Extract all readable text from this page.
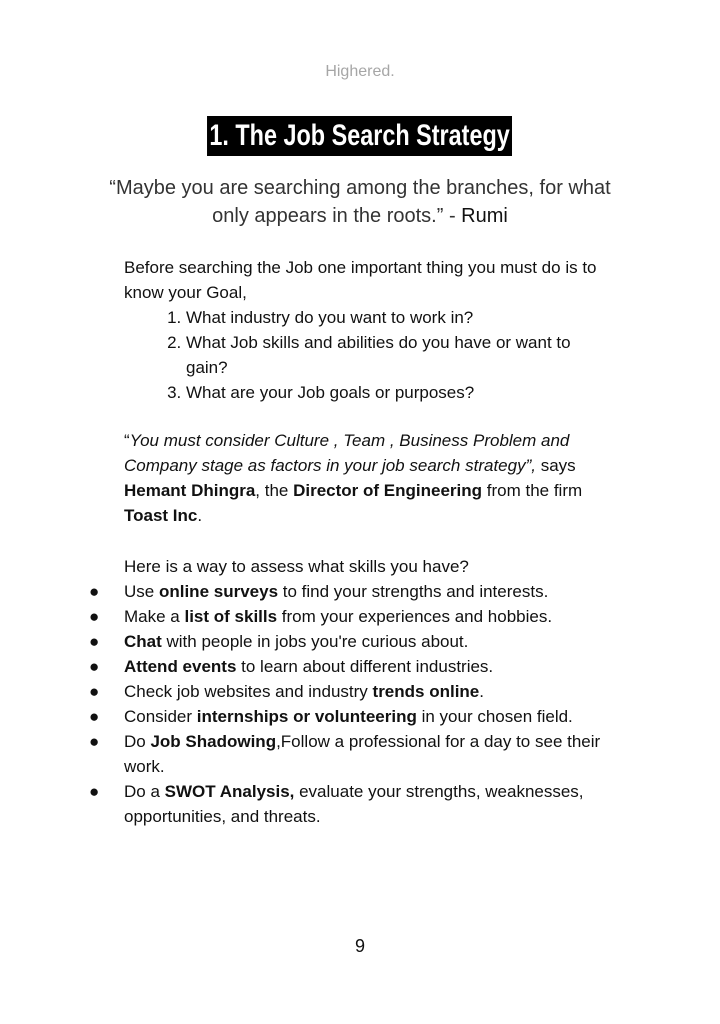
Highered.
1. The Job Search Strategy
“Maybe you are searching among the branches, for what only appears in the roots.” - Rumi

Before searching the Job one important thing you must do is to know your Goal,

1. What industry do you want to work in?
2. What Job skills and abilities do you have or want to gain?
3. What are your Job goals or purposes?

“You must consider Culture , Team , Business Problem and Company stage as factors in your job search strategy”, says Hemant Dhingra, the Director of Engineering from the firm Toast Inc.

Here is a way to assess what skills you have?

● Use online surveys to find your strengths and interests.
● Make a list of skills from your experiences and hobbies.
● Chat with people in jobs you're curious about.
● Attend events to learn about different industries.
● Check job websites and industry trends online.
● Consider internships or volunteering in your chosen field.
● Do Job Shadowing,Follow a professional for a day to see their work.
● Do a SWOT Analysis, evaluate your strengths, weaknesses, opportunities, and threats.
9
